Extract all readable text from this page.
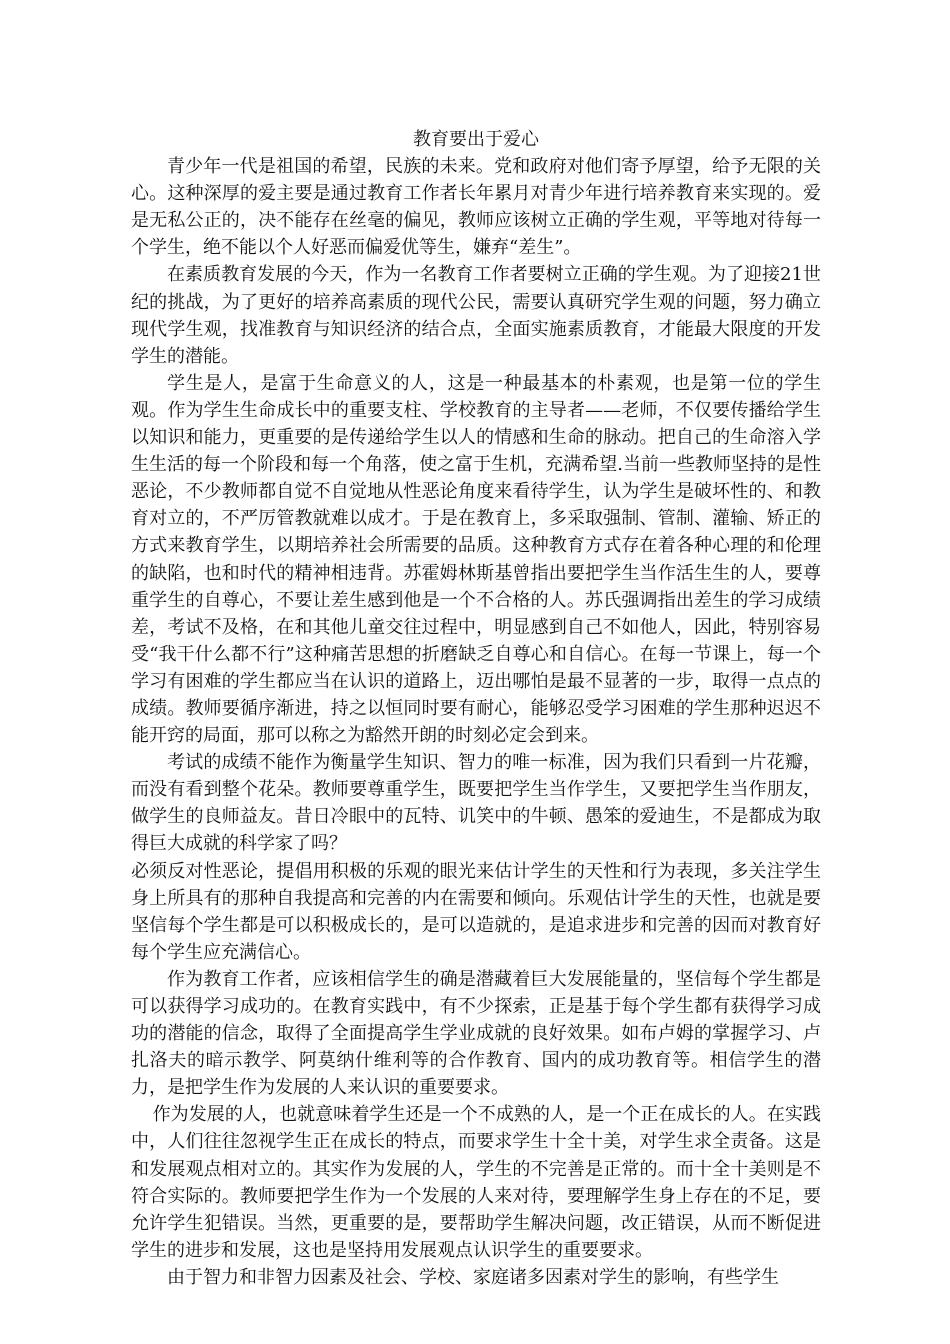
教育要出于爱心

青少年一代是祖国的希望，民族的未来。党和政府对他们寄予厚望，给予无限的关心。这种深厚的爱主要是通过教育工作者长年累月对青少年进行培养教育来实现的。爱是无私公正的，决不能存在丝毫的偏见，教师应该树立正确的学生观，平等地对待每一个学生，绝不能以个人好恶而偏爱优等生，嫌弃“差生”。

在素质教育发展的今天，作为一名教育工作者要树立正确的学生观。为了迎接21世纪的挑战，为了更好的培养高素质的现代公民，需要认真研究学生观的问题，努力确立现代学生观，找准教育与知识经济的结合点，全面实施素质教育，才能最大限度的开发学生的潜能。

学生是人，是富于生命意义的人，这是一种最基本的朴素观，也是第一位的学生观。作为学生生命成长中的重要支柱、学校教育的主导者——老师，不仅要传播给学生以知识和能力，更重要的是传递给学生以人的情感和生命的脉动。把自己的生命溶入学生生活的每一个阶段和每一个角落，使之富于生机，充满希望.当前一些教师坚持的是性恶论，不少教师都自觉不自觉地从性恶论角度来看待学生，认为学生是破坏性的、和教育对立的，不严厉管教就难以成才。于是在教育上，多采取强制、管制、灌输、矫正的方式来教育学生，以期培养社会所需要的品质。这种教育方式存在着各种心理的和伦理的缺陷，也和时代的精神相违背。苏霍姆林斯基曾指出要把学生当作活生生的人，要尊重学生的自尊心，不要让差生感到他是一个不合格的人。苏氏强调指出差生的学习成绩差，考试不及格，在和其他儿童交往过程中，明显感到自己不如他人，因此，特别容易受“我干什么都不行”这种痛苦思想的折磨缺乏自尊心和自信心。在每一节课上，每一个学习有困难的学生都应当在认识的道路上，迈出哪怕是最不显著的一步，取得一点点的成绩。教师要循序渐进，持之以恒同时要有耐心，能够忍受学习困难的学生那种迟迟不能开窍的局面，那可以称之为豁然开朗的时刻必定会到来。

考试的成绩不能作为衡量学生知识、智力的唯一标准，因为我们只看到一片花瓣，而没有看到整个花朵。教师要尊重学生，既要把学生当作学生，又要把学生当作朋友，做学生的良师益友。昔日冷眼中的瓦特、讥笑中的牛顿、愚笨的爱迪生，不是都成为取得巨大成就的科学家了吗？

必须反对性恶论，提倡用积极的乐观的眼光来估计学生的天性和行为表现，多关注学生身上所具有的那种自我提高和完善的内在需要和倾向。乐观估计学生的天性，也就是要坚信每个学生都是可以积极成长的，是可以造就的，是追求进步和完善的因而对教育好每个学生应充满信心。

作为教育工作者，应该相信学生的确是潜藏着巨大发展能量的，坚信每个学生都是可以获得学习成功的。在教育实践中，有不少探索，正是基于每个学生都有获得学习成功的潜能的信念，取得了全面提高学生学业成就的良好效果。如布卢姆的掌握学习、卢扎洛夫的暗示教学、阿莫纳什维利等的合作教育、国内的成功教育等。相信学生的潜力，是把学生作为发展的人来认识的重要要求。

作为发展的人，也就意味着学生还是一个不成熟的人，是一个正在成长的人。在实践中，人们往往忽视学生正在成长的特点，而要求学生十全十美，对学生求全责备。这是和发展观点相对立的。其实作为发展的人，学生的不完善是正常的。而十全十美则是不符合实际的。教师要把学生作为一个发展的人来对待，要理解学生身上存在的不足，要允许学生犯错误。当然，更重要的是，要帮助学生解决问题，改正错误，从而不断促进学生的进步和发展，这也是坚持用发展观点认识学生的重要要求。

由于智力和非智力因素及社会、学校、家庭诸多因素对学生的影响，有些学生
